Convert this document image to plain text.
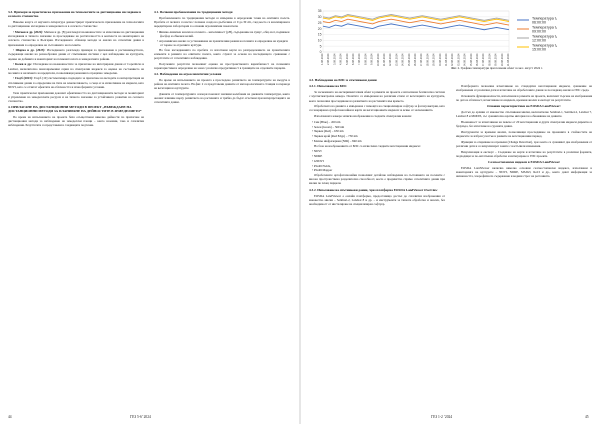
3.3. Примери за практическо приложение на технологиите за дистанционно изследване в селското стопанство

Няколко казуса от научната литература демонстрират практическото приложение на технологиите за дистанционно изследване в земеделието и в селското стопанство:

• Матков и др. (2022): Матков и др. [8] разглеждат възможностите за използване на дистанционни изследвания и тяхното значение за проследяване на растителността в контекста на мониторинга на селското стопанство в България. Изследването обхваща методи за анализ на сателитни данни в приложения за определяне на състоянието на посевите.

• Шарма и др. (2023): Изследването разглежда примери за приложение в растениевъдството, съдържащи анализ на разнообразни данни от спътникови системи с цел наблюдение на културите, оценка на добивите и мониторинг на почвената влага в земеделските райони.

• Колев и др.: Изследване на възможностите за прилагане на интегрирани данни от Copernicus и Landsat, включително многовременни серии на спектрални индекси за оценка на състоянието на посевите и наличието на вредители, позволяващи решения по прецизно земеделие.

• Глоуб (2023): Глоуб [10] систематизира подходите за прилагане на методите за интерпретация на спътникови данни за определяне на типа на земеползването, а също и за изчисляване на индекси, като NDVI, като се отчитат ефектите на облачността и атмосферните условия.

Тези практически приложения доказват ефективността на дистанционните методи за мониторинг и управление на земеделските ресурси и на тяхното значение за устойчивото развитие на селското стопанство.

4. ПРИЛАГАНЕ НА ДИСТАНЦИОННИ МЕТОДИ В ПРОЕКТ „ВЪВЕЖДАНЕ НА ДИСТАНЦИОННИ МЕТОДИ ЗА ПЛАНИРАНЕ НА ДЕЙНОСТИТЕ В ЗЕМЕДЕЛИЕТО“

По време на изпълнението на проекта бяха осъществени няколко дейности по прилагане на дистанционни методи за наблюдение на земеделски площи – както наземни, така и сателитни наблюдения. Резултатите са представени в следващите подточки.

4.1. Почвени пробовземания по традиционни методи

Пробовземането по традиционни методи се извършва в определени точки на опитните полета. Пробите от почвата са взети с почвена сонда на дълбочина от 0 до 30 cm, след което са анализирани в акредитирана лаборатория за основни агрохимични показатели.

• Физико-химичен анализ на почвата – киселинност (pH), съдържание на хумус, общ азот, подвижен фосфор и обменен калий.

• Агрохимичен анализ за установяване на хранителния режим на почвите и определяне на нуждите от торене за отделните култури.

На база изследванията по пробите са изготвени карти на разпределението на хранителните елементи в рамките на опитните полета, които служат за основа на последващото сравнение с резултатите от сателитните наблюдения.

Получените резултати позволяват оценка на пространствената вариабилност на почвените характеристики и определяне на зони с различна продуктивност в границите на отделните парцели.

4.2. Наблюдение на агроклиматични условия

По време на изпълнението на проекта е проследено развитието на температурите на въздуха в района на опитните полета. На фиг. 2 са представени данните от метеорологичната станция за периода на вегетация на културите.

Данните от температурните сензори показват значими колебания на дневните температури, които оказват влияние върху развитието на растенията и трябва да бъдат отчетени при интерпретацията на сателитните данни.

44	ГЕЗ 5-6’ 2024
0
5
10
15
20
25
30
35
1.08.2024	2.08.2024	3.08.2024	4.08.2024	5.08.2024	6.08.2024	7.08.2024	8.08.2024	9.08.2024	10.08.2024	11.08.2024	12.08.2024	13.08.2024	14.08.2024	15.08.2024	16.08.2024	17.08.2024	18.08.2024	19.08.2024	20.08.2024	21.08.2024	22.08.2024	23.08.2024	24.08.2024	25.08.2024	26.08.2024	27.08.2024	28.08.2024	29.08.2024	30.08.2024	31.08.2024
Температура t₁
06:00:00
Температура t₂
09:00:00
Температура t₃
12:00:00
Температура t₄
15:00:00
Фиг. 2. Графика температури при почвени обект за мес. август 2024 г.
4.3. Наблюдение на БПС и спътникови данни
4.3.1. Използване на БПС

За заснемането на експерименталния обект в рамките на проекта е използвана безпилотна система с мултиспектрална камера. Полетите са извършени на различни етапи от вегетацията на културите, което позволява проследяване на развитието на растенията във времето.

Обработката на данните е извършена с помощта на специализиран софтуер за фотограметрия, като са генерирани ортофотомозайки и карти на вегетационните индекси за всяко от заснеманията.

Използваната камера записва изображения в следните спектрални канали:

• Син (Blue) – 450 nm

• Зелен (Green) – 560 nm

• Червен (Red) – 650 nm

• Червен край (Red Edge) – 730 nm

• Близък инфрачервен (NIR) – 840 nm

На база на изображенията от БПС са изчислени следните вегетационни индекси:

• NDVI

• NDRE

• GNDVI

• Pix4D Fields,

• Pix4D Mapper

Обработените ортофотомозайки позволяват детайлно наблюдение на състоянието на посевите с висока пространствена разделителна способност, което е предимство спрямо сателитните данни при малки по площ парцели.

4.3.2. Използване на спътникови данни, чрез платформа EOSDA LandViewer Overview

EOSDA LandViewer е онлайн платформа, предоставяща достъп до сателитни изображения от множество мисии – Sentinel-2, Landsat 8 и др. – и инструменти за тяхната обработка и анализ, без необходимост от инсталиране на специализиран софтуер.

Платформата позволява изчисляване на стандартни вегетационни индекси, сравнение на изображения от различни дати и изтегляне на обработените данни за последващ анализ в ГИС среда.

Основните функционалности, използвани в рамките на проекта, включват търсене на изображения по дата и облачност, изчисляване на индекси, времеви анализ и експорт на резултатите.

Основни характеристики на EOSDA LandViewer:

Достъп до архиви от множество спътникови мисии, включително Sentinel-1, Sentinel-2, Landsat 7, Landsat 8 и MODIS, със сравнително кратък интервал на обновяване на данните.

Възможност за изчисляване на повече от 20 вегетационни и други спектрални индекси директно в браузъра, без изтегляне на суровите данни.

Инструменти за времеви анализ, позволяващи проследяване на промените в стойностите на индексите за избран участък в рамките на вегетационния период.

Функция за откриване на промени (Change Detection), чрез която се сравняват две изображения от различни дати и се визуализират зоните с настъпили изменения.

Визуализация и експорт – Създаване на карти и изтегляне на резултатите в различни формати, подходящи за по-нататъшна обработка и интегриране в ГИС проекти.

Селскостопански индекси в EOSDA LandViewer

EOSDA LandViewer включва няколко основни селскостопански индекса, използвани в мониторинга на културите – NDVI, NDRE, MSAVI, ReCI и др., които дават информация за жизнеността, хлорофилното съдържание и водния стрес на растенията.

ГЕЗ 1-2 ’2024	45
